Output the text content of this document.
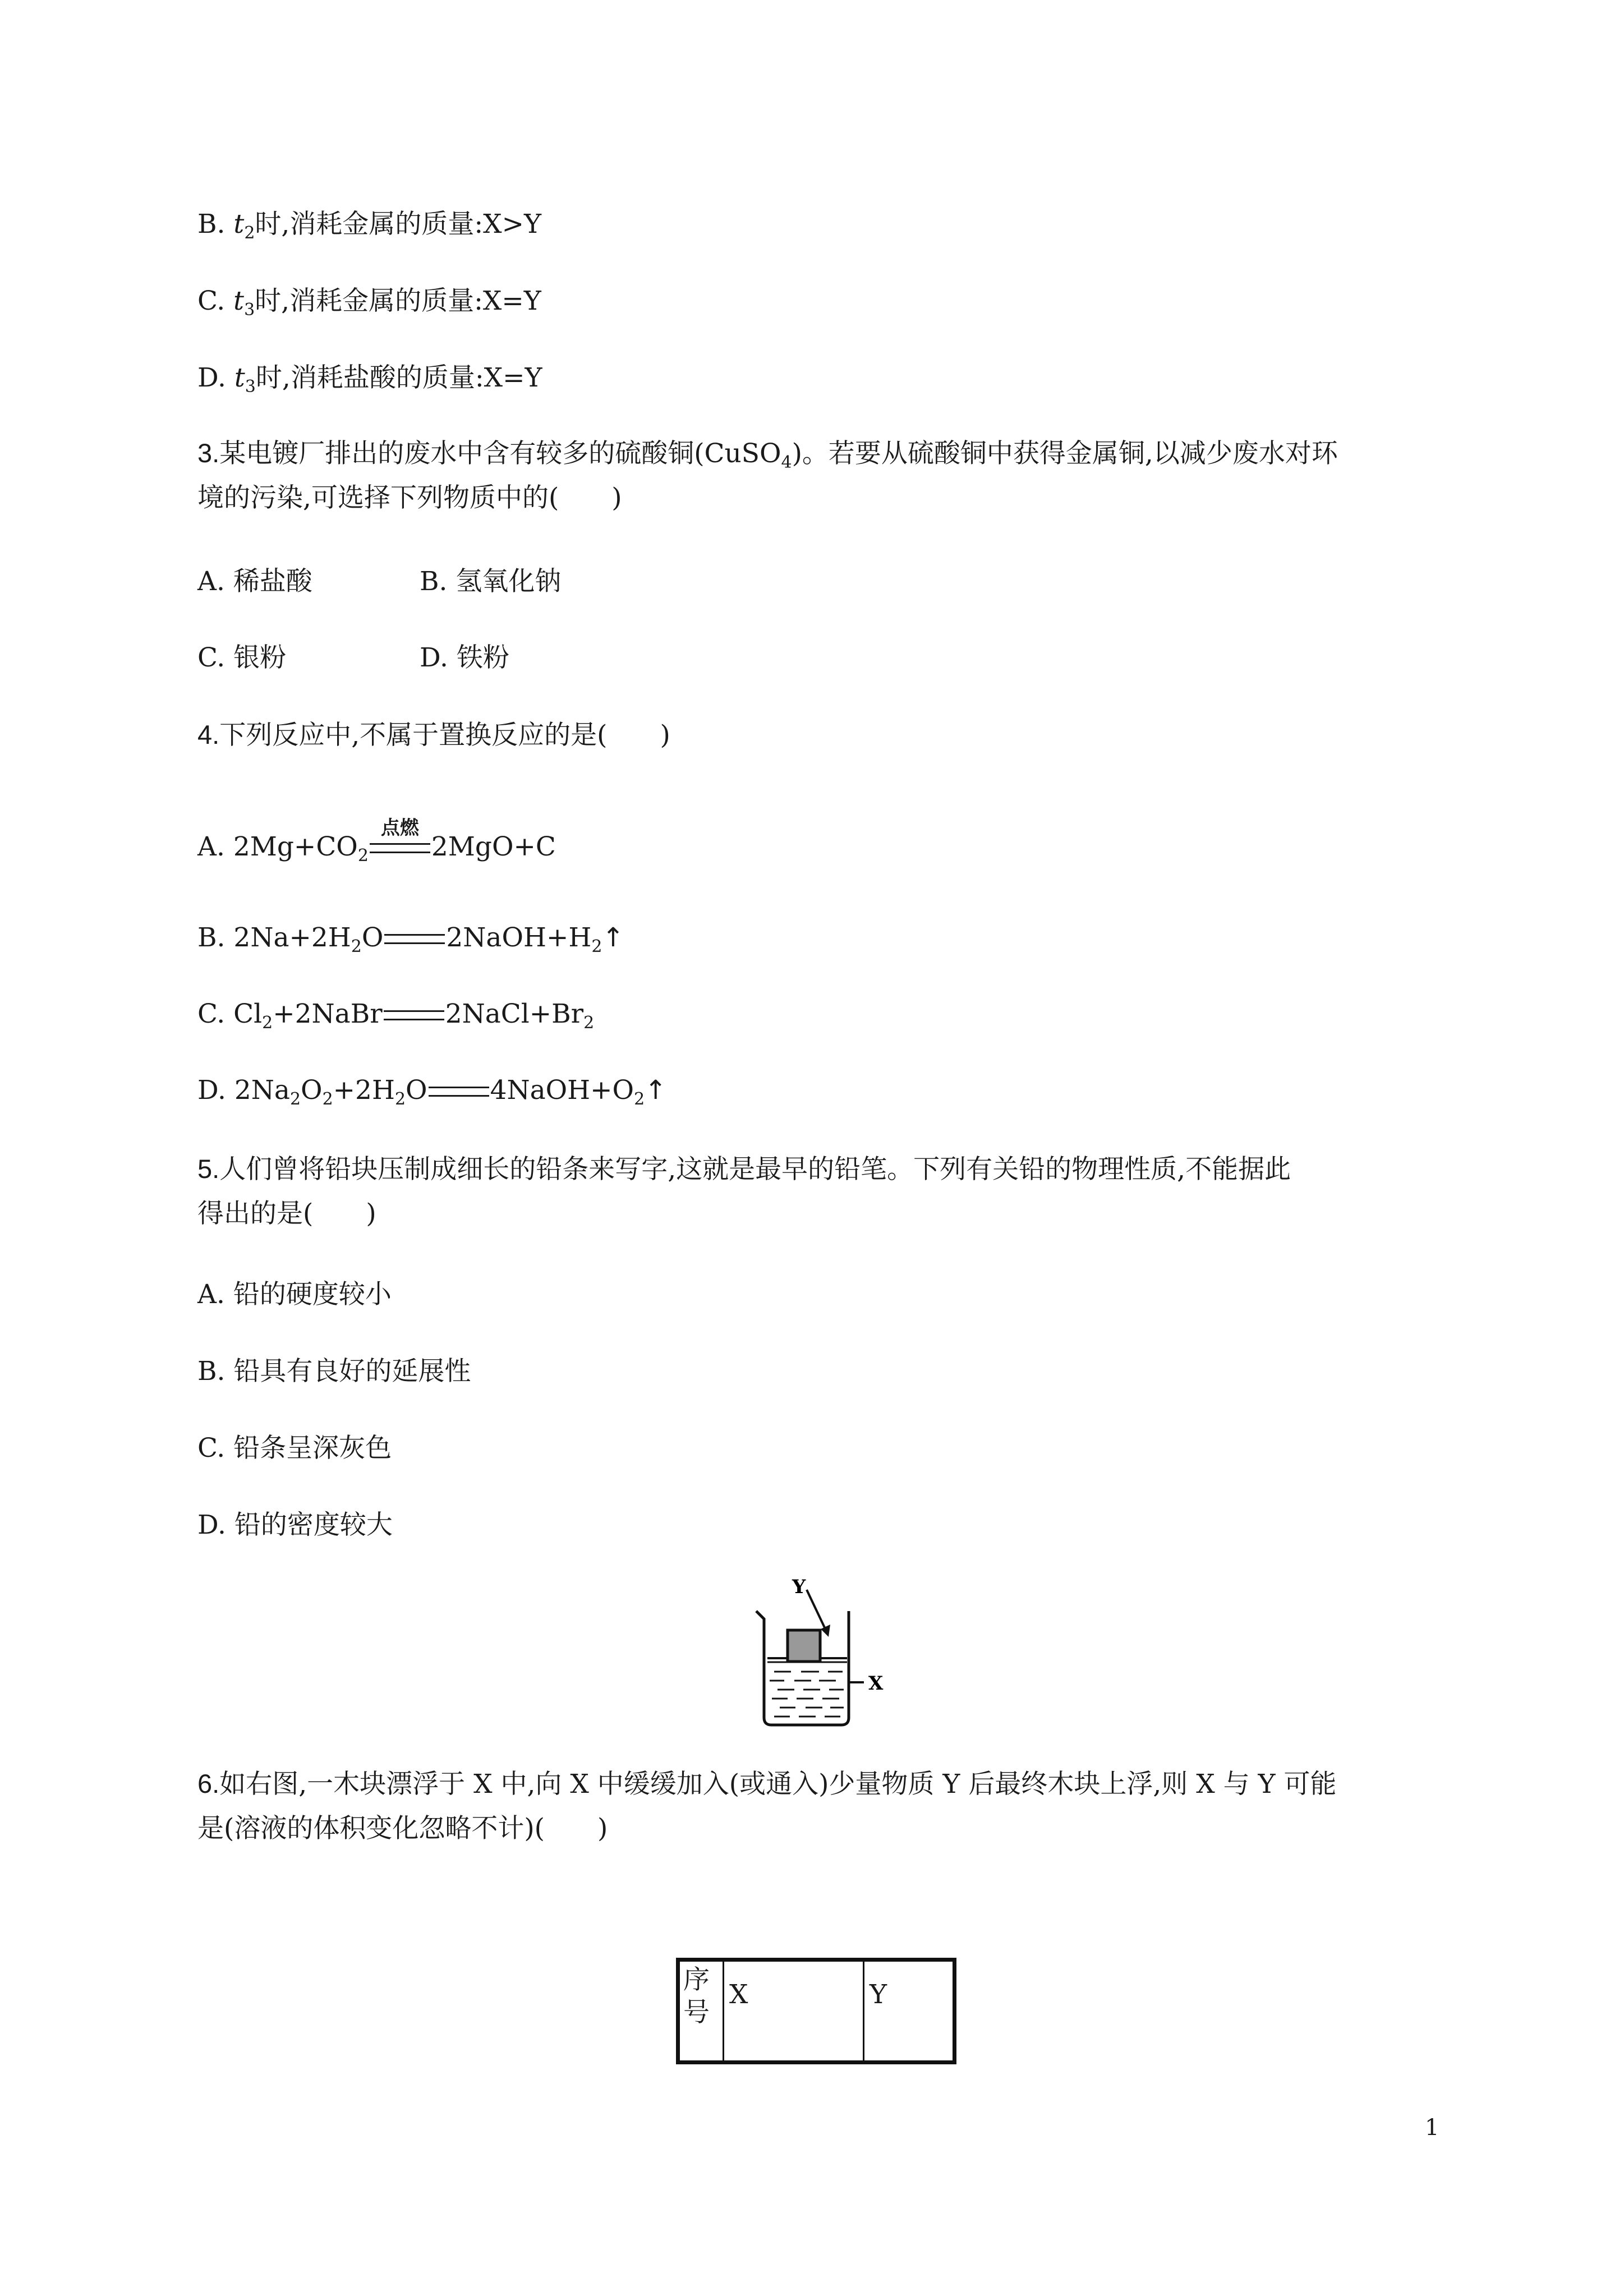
B. $t_2$时,消耗金属的质量:X>Y
C. $t_3$时,消耗金属的质量:X=Y
D. $t_3$时,消耗盐酸的质量:X=Y
3.某电镀厂排出的废水中含有较多的硫酸铜(CuSO$_4$)。若要从硫酸铜中获得金属铜,以减少废水对环
境的污染,可选择下列物质中的(　　)
A. 稀盐酸	B. 氢氧化钠
C. 银粉	D. 铁粉
4.下列反应中,不属于置换反应的是(　　)
A. $2Mg+CO_2$
点燃
2MgO+C
B. $2Na+2H_2O$ $2NaOH+H_2↑$
C. $Cl_2+2NaBr$ $2NaCl+Br_2$
D. $2Na_2O_2+2H_2O$ $4NaOH+O_2↑$
5.人们曾将铅块压制成细长的铅条来写字,这就是最早的铅笔。下列有关铅的物理性质,不能据此
得出的是(　　)
A. 铅的硬度较小
B. 铅具有良好的延展性
C. 铅条呈深灰色
D. 铅的密度较大
Y
X
6.如右图,一木块漂浮于 X 中,向 X 中缓缓加入(或通入)少量物质 Y 后最终木块上浮,则 X 与 Y 可能
是(溶液的体积变化忽略不计)(　　)
序
号
X	Y
1
